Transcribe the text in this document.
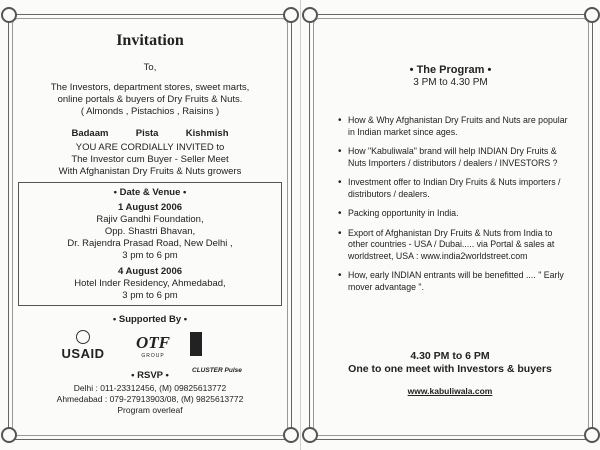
Invitation
To,
The Investors, department stores, sweet marts,
online portals & buyers of Dry Fruits & Nuts.
( Almonds , Pistachios , Raisins )
Badaam	Pista	Kishmish
YOU ARE CORDIALLY INVITED to
The Investor cum Buyer - Seller Meet
With Afghanistan Dry Fruits & Nuts growers
• Date & Venue •
1 August 2006
Rajiv Gandhi Foundation,
Opp. Shastri Bhavan,
Dr. Rajendra Prasad Road, New Delhi ,
3 pm to 6 pm
4 August 2006
Hotel Inder Residency, Ahmedabad,
3 pm to 6 pm
• Supported By •
USAID
OTF
GROUP
CLUSTER Pulse
• RSVP •
Delhi : 011-23312456, (M) 09825613772
Ahmedabad : 079-27913903/08, (M) 9825613772
Program overleaf
• The Program •
3 PM to 4.30 PM
• How & Why Afghanistan Dry Fruits and Nuts are popular in Indian market since ages.
• How "Kabuliwala" brand will help INDIAN Dry Fruits & Nuts Importers / distributors / dealers / INVESTORS ?
• Investment offer to Indian Dry Fruits & Nuts importers / distributors / dealers.
• Packing opportunity in India.
• Export of Afghanistan Dry Fruits & Nuts from India to other countries - USA / Dubai..... via Portal & sales at worldstreet, USA : www.india2worldstreet.com
• How, early INDIAN entrants will be benefitted .... " Early mover advantage ".
4.30 PM to 6 PM
One to one meet with Investors & buyers
www.kabuliwala.com
